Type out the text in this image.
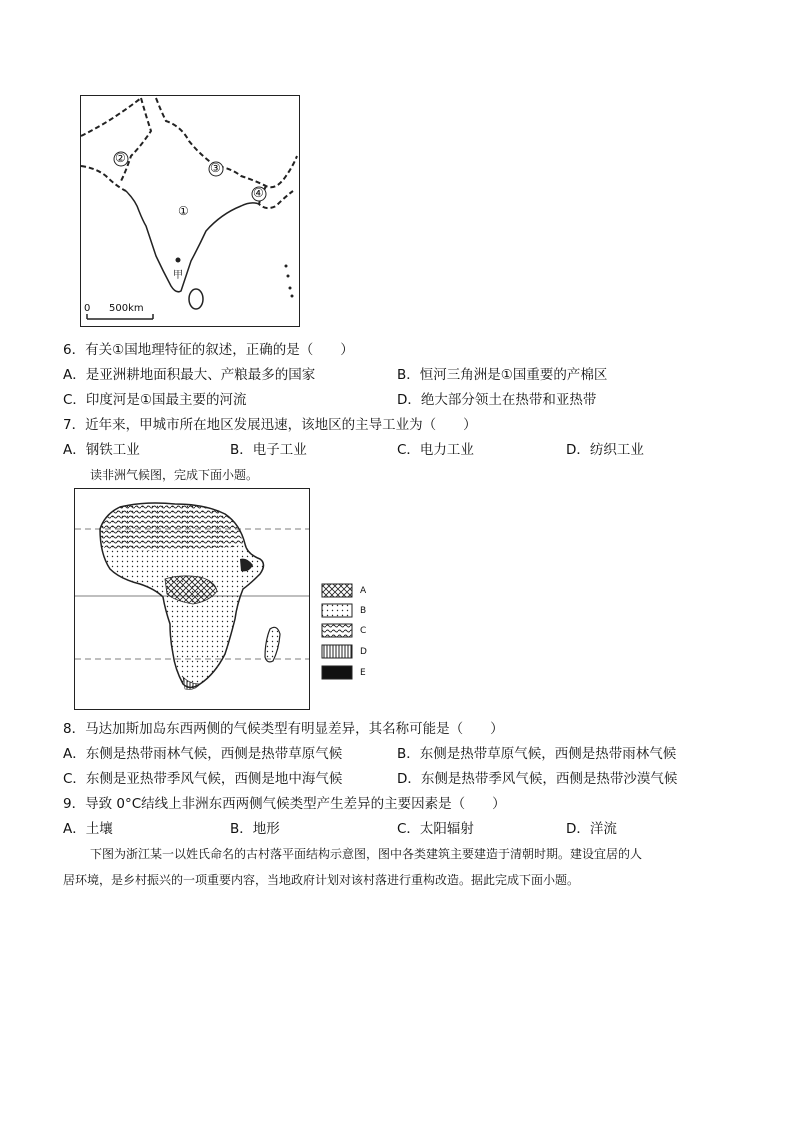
①
②
③
④
甲
0 500km
6．有关①国地理特征的叙述，正确的是（　　）
A．是亚洲耕地面积最大、产粮最多的国家	B．恒河三角洲是①国重要的产棉区
C．印度河是①国最主要的河流	D．绝大部分领土在热带和亚热带
7．近年来，甲城市所在地区发展迅速，该地区的主导工业为（　　）
A．钢铁工业	B．电子工业	C．电力工业	D．纺织工业
读非洲气候图，完成下面小题。
A
B
C
D
E
8．马达加斯加岛东西两侧的气候类型有明显差异，其名称可能是（　　）
A．东侧是热带雨林气候，西侧是热带草原气候	B．东侧是热带草原气候，西侧是热带雨林气候
C．东侧是亚热带季风气候，西侧是地中海气候	D．东侧是热带季风气候，西侧是热带沙漠气候
9．导致 0°C结线上非洲东西两侧气候类型产生差异的主要因素是（　　）
A．土壤	B．地形	C．太阳辐射	D．洋流
下图为浙江某一以姓氏命名的古村落平面结构示意图，图中各类建筑主要建造于清朝时期。建设宜居的人
居环境，是乡村振兴的一项重要内容，当地政府计划对该村落进行重构改造。据此完成下面小题。
